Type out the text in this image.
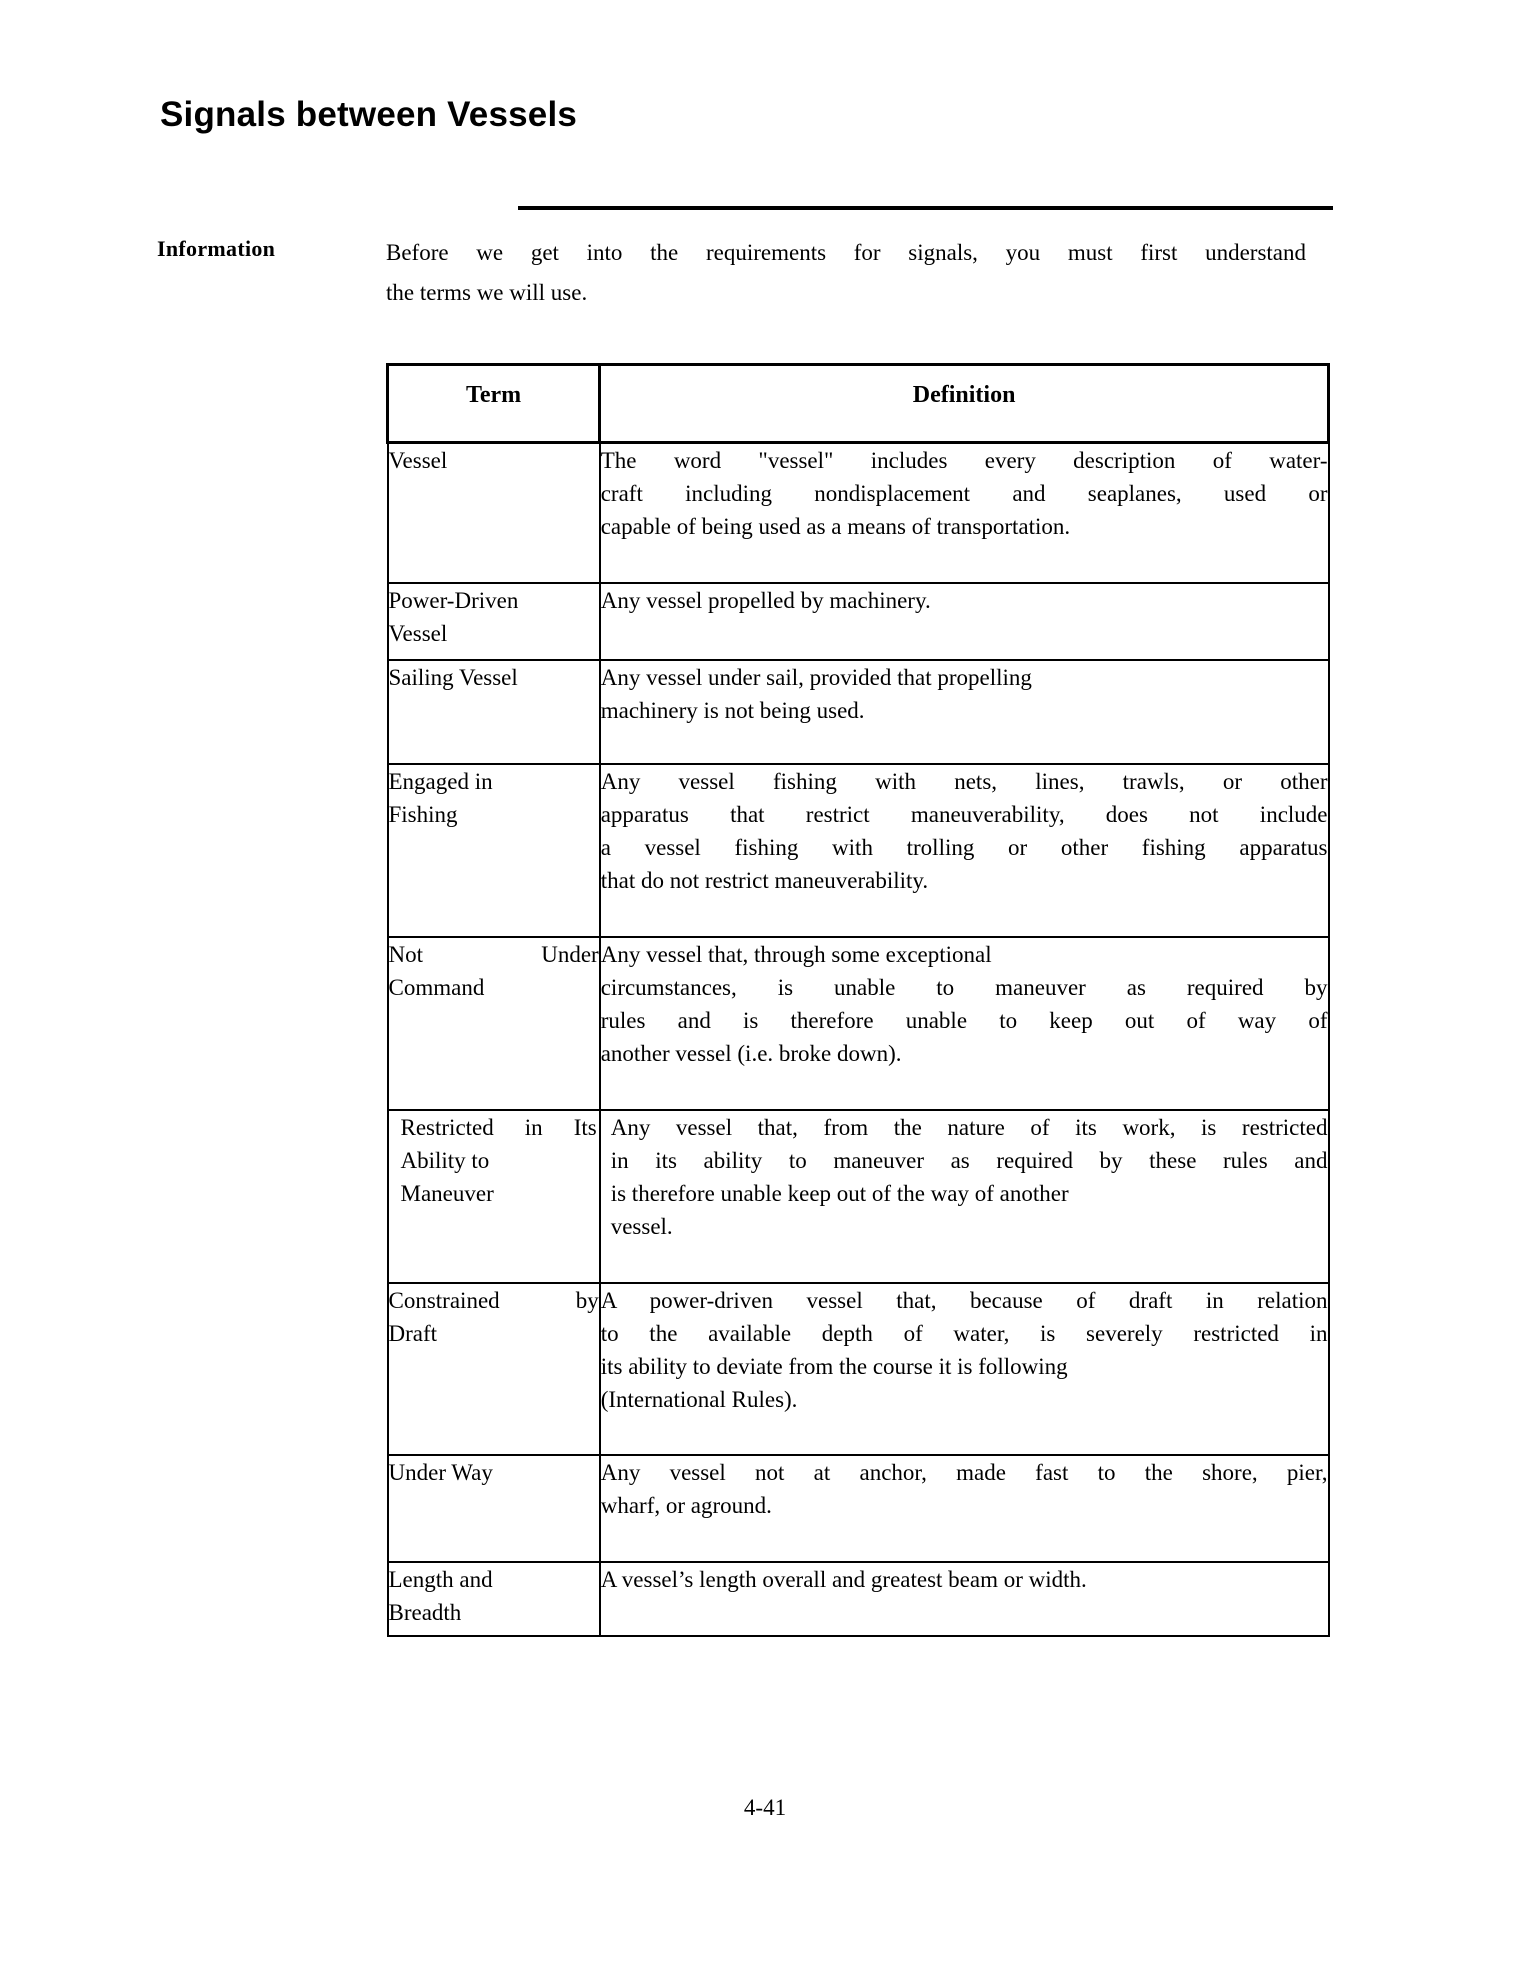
Signals between Vessels
Information	Before we get into the requirements for signals, you must first understand
the terms we will use.
Term	Definition

Vessel	The word "vessel" includes every description of water-
craft including nondisplacement and seaplanes, used or
capable of being used as a means of transportation.

Power-Driven
Vessel	Any vessel propelled by machinery.

Sailing Vessel	Any vessel under sail, provided that propelling
machinery is not being used.

Engaged in
Fishing	Any vessel fishing with nets, lines, trawls, or other
apparatus that restrict maneuverability, does not include
a vessel fishing with trolling or other fishing apparatus
that do not restrict maneuverability.

Not Under
Command	Any vessel that, through some exceptional
circumstances, is unable to maneuver as required by
rules and is therefore unable to keep out of way of
another vessel (i.e. broke down).

Restricted in Its
Ability to
Maneuver	Any vessel that, from the nature of its work, is restricted
in its ability to maneuver as required by these rules and
is therefore unable keep out of the way of another
vessel.

Constrained by
Draft	A power-driven vessel that, because of draft in relation
to the available depth of water, is severely restricted in
its ability to deviate from the course it is following
(International Rules).

Under Way	Any vessel not at anchor, made fast to the shore, pier,
wharf, or aground.

Length and
Breadth	A vessel’s length overall and greatest beam or width.
4-41
